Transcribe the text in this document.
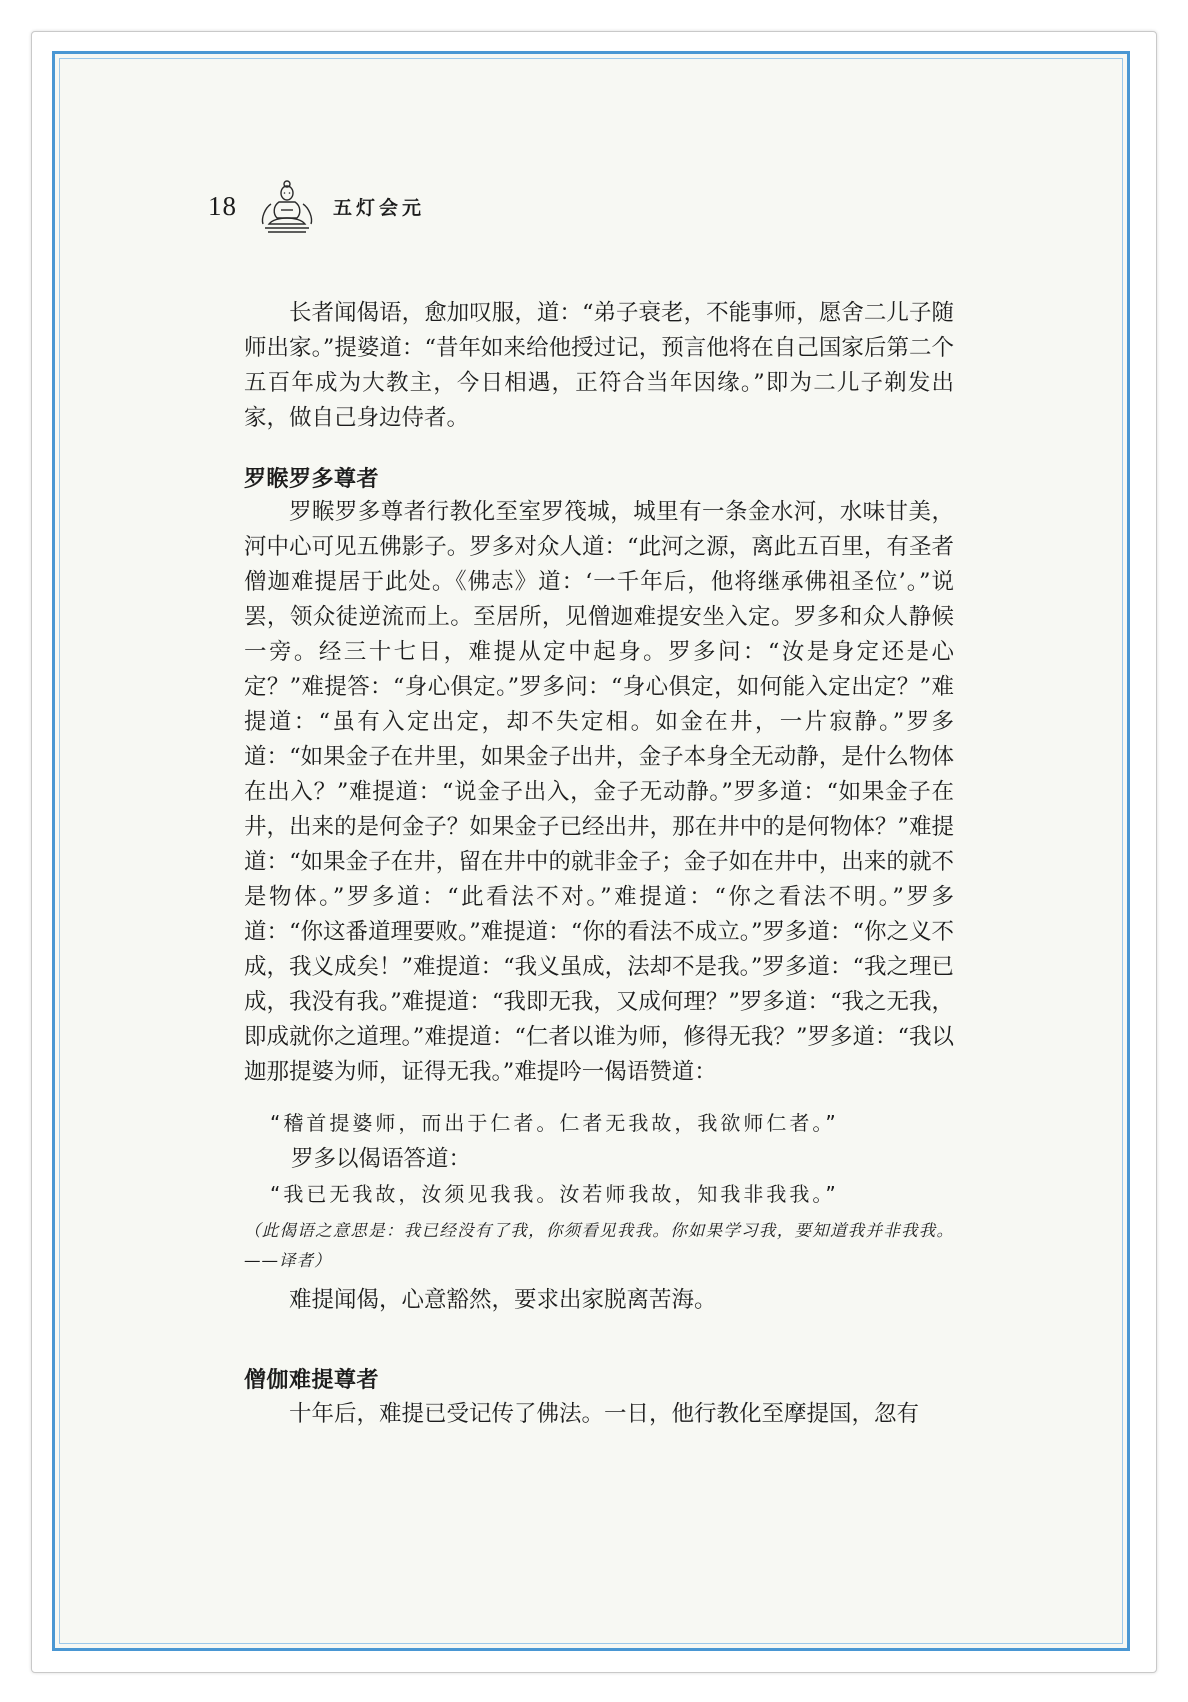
18	五灯会元

长者闻偈语，愈加叹服，道：“弟子衰老，不能事师，愿舍二儿子随师出家。”提婆道：“昔年如来给他授过记，预言他将在自己国家后第二个五百年成为大教主，今日相遇，正符合当年因缘。”即为二儿子剃发出家，做自己身边侍者。

罗睺罗多尊者

罗睺罗多尊者行教化至室罗筏城，城里有一条金水河，水味甘美，河中心可见五佛影子。罗多对众人道：“此河之源，离此五百里，有圣者僧迦难提居于此处。《佛志》道：‘一千年后，他将继承佛祖圣位’。”说罢，领众徒逆流而上。至居所，见僧迦难提安坐入定。罗多和众人静候一旁。经三十七日，难提从定中起身。罗多问：“汝是身定还是心定？”难提答：“身心俱定。”罗多问：“身心俱定，如何能入定出定？”难提道：“虽有入定出定，却不失定相。如金在井，一片寂静。”罗多道：“如果金子在井里，如果金子出井，金子本身全无动静，是什么物体在出入？”难提道：“说金子出入，金子无动静。”罗多道：“如果金子在井，出来的是何金子？如果金子已经出井，那在井中的是何物体？”难提道：“如果金子在井，留在井中的就非金子；金子如在井中，出来的就不是物体。”罗多道：“此看法不对。”难提道：“你之看法不明。”罗多道：“你这番道理要败。”难提道：“你的看法不成立。”罗多道：“你之义不成，我义成矣！”难提道：“我义虽成，法却不是我。”罗多道：“我之理已成，我没有我。”难提道：“我即无我，又成何理？”罗多道：“我之无我，即成就你之道理。”难提道：“仁者以谁为师，修得无我？”罗多道：“我以迦那提婆为师，证得无我。”难提吟一偈语赞道：

“稽首提婆师，而出于仁者。仁者无我故，我欲师仁者。”
罗多以偈语答道：
“我已无我故，汝须见我我。汝若师我故，知我非我我。”
（此偈语之意思是：我已经没有了我，你须看见我我。你如果学习我，要知道我并非我我。——译者）

难提闻偈，心意豁然，要求出家脱离苦海。

僧伽难提尊者

十年后，难提已受记传了佛法。一日，他行教化至摩提国，忽有
